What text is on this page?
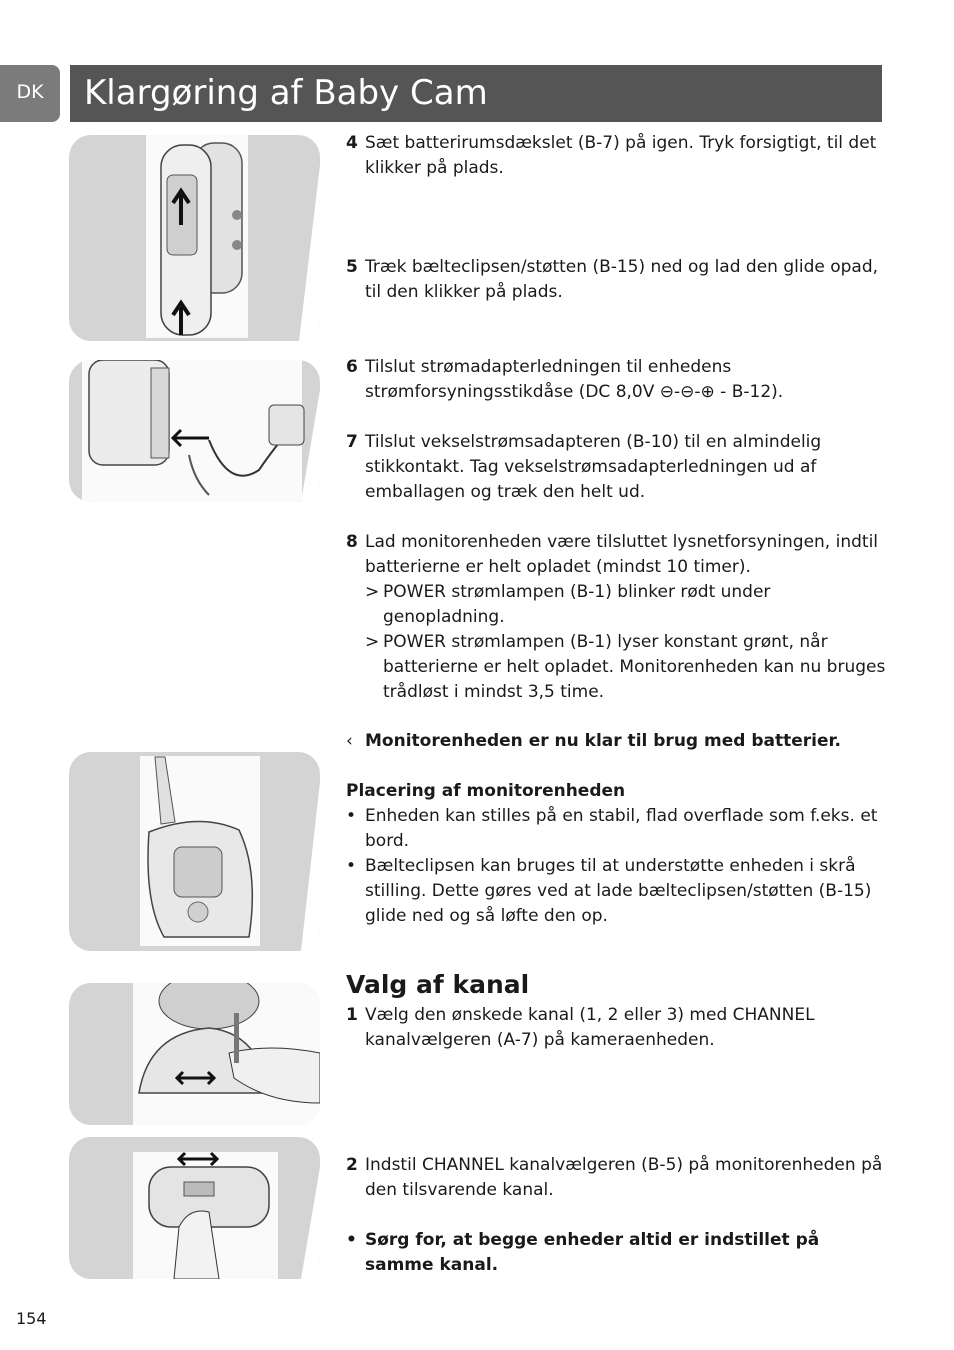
DK	Klargøring af Baby Cam
4 Sæt batterirumsdækslet (B-7) på igen. Tryk forsigtigt, til det klikker på plads.
5 Træk bælteclipsen/støtten (B-15) ned og lad den glide opad, til den klikker på plads.
6 Tilslut strømadapterledningen til enhedens strømforsyningsstikdåse (DC 8,0V ⊖-⊖-⊕ - B-12).
7 Tilslut vekselstrømsadapteren (B-10) til en almindelig stikkontakt. Tag vekselstrømsadapterledningen ud af emballagen og træk den helt ud.
8 Lad monitorenheden være tilsluttet lysnetforsyningen, indtil batterierne er helt opladet (mindst 10 timer).
> POWER strømlampen (B-1) blinker rødt under genopladning.
> POWER strømlampen (B-1) lyser konstant grønt, når batterierne er helt opladet. Monitorenheden kan nu bruges trådløst i mindst 3,5 time.
‹ Monitorenheden er nu klar til brug med batterier.
Placering af monitorenheden
• Enheden kan stilles på en stabil, flad overflade som f.eks. et bord.
• Bælteclipsen kan bruges til at understøtte enheden i skrå stilling. Dette gøres ved at lade bælteclipsen/støtten (B-15) glide ned og så løfte den op.
Valg af kanal
1 Vælg den ønskede kanal (1, 2 eller 3) med CHANNEL kanalvælgeren (A-7) på kameraenheden.
2 Indstil CHANNEL kanalvælgeren (B-5) på monitorenheden på den tilsvarende kanal.
• Sørg for, at begge enheder altid er indstillet på samme kanal.
154
